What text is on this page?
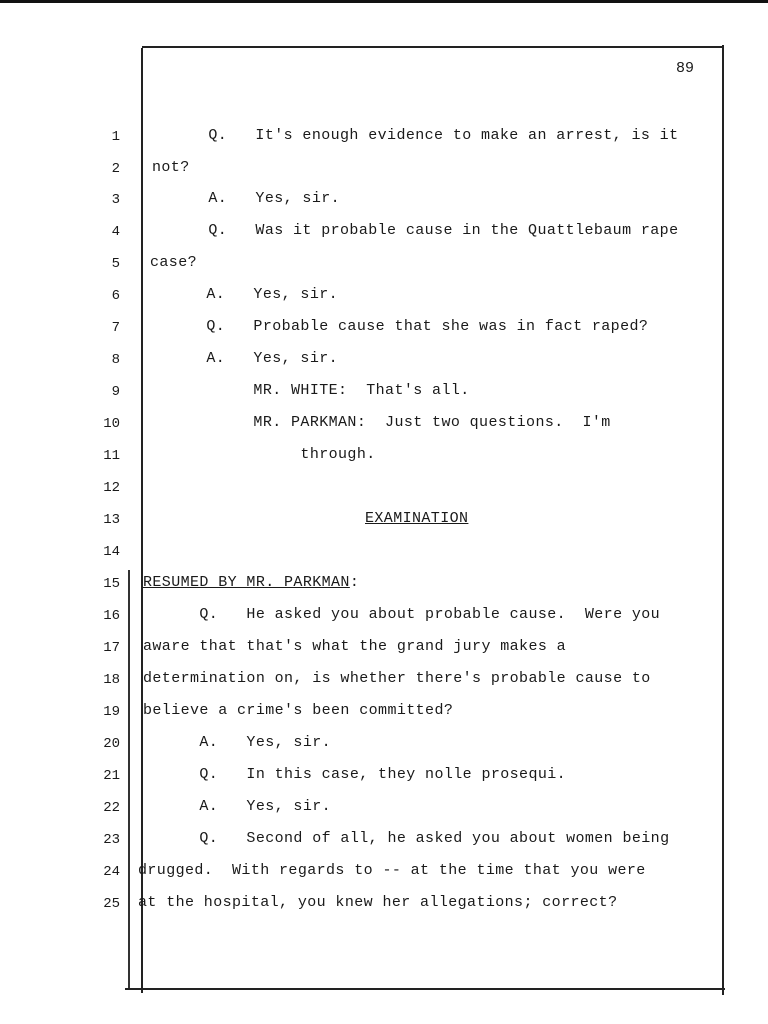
89
1
2
3
4
5
6
7
8
9
10
11
12
13
14
15
16
17
18
19
20
21
22
23
24
25
Q.   It's enough evidence to make an arrest, is it
not?
A.   Yes, sir.
Q.   Was it probable cause in the Quattlebaum rape
case?
A.   Yes, sir.
Q.   Probable cause that she was in fact raped?
A.   Yes, sir.
MR. WHITE:  That's all.
MR. PARKMAN:  Just two questions.  I'm
through.
EXAMINATION
RESUMED BY MR. PARKMAN:
Q.   He asked you about probable cause.  Were you
aware that that's what the grand jury makes a
determination on, is whether there's probable cause to
believe a crime's been committed?
A.   Yes, sir.
Q.   In this case, they nolle prosequi.
A.   Yes, sir.
Q.   Second of all, he asked you about women being
drugged.  With regards to -- at the time that you were
at the hospital, you knew her allegations; correct?
